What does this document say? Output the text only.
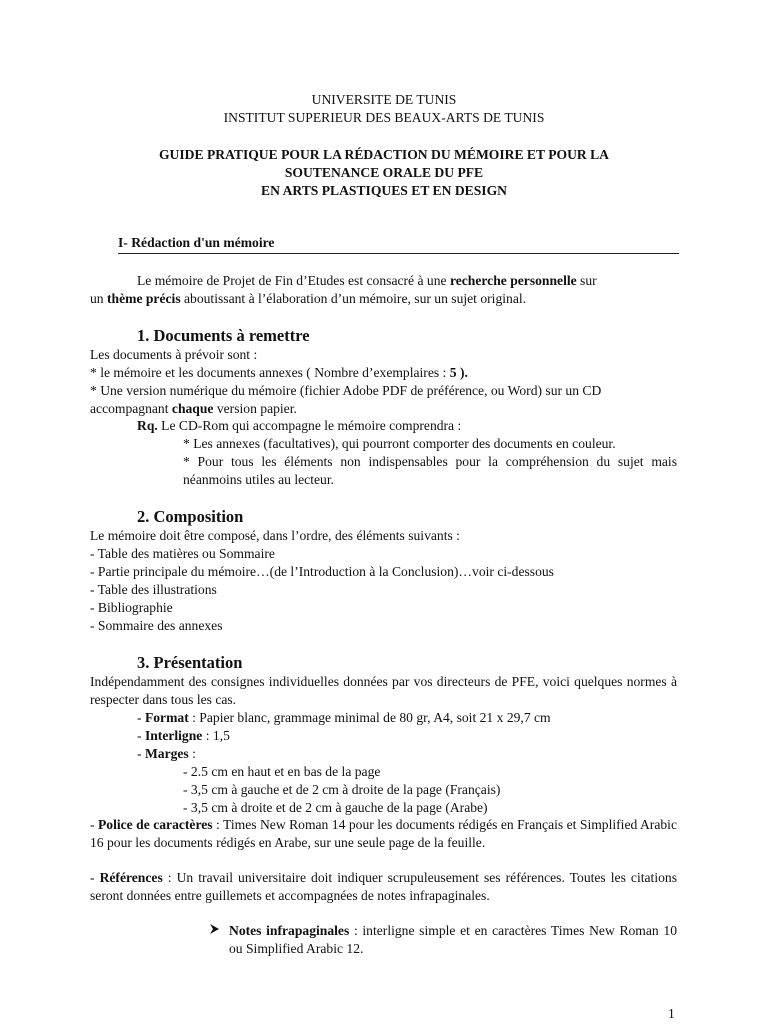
UNIVERSITE DE TUNIS
INSTITUT SUPERIEUR DES BEAUX-ARTS DE TUNIS
GUIDE PRATIQUE POUR LA RÉDACTION DU MÉMOIRE ET POUR LA
SOUTENANCE ORALE DU PFE
EN ARTS PLASTIQUES ET EN DESIGN
I- Rédaction d'un mémoire
Le mémoire de Projet de Fin d’Etudes est consacré à une recherche personnelle sur
un thème précis aboutissant à l’élaboration d’un mémoire, sur un sujet original.
1. Documents à remettre
Les documents à prévoir sont :
* le mémoire et les documents annexes ( Nombre d’exemplaires : 5 ).
* Une version numérique du mémoire (fichier Adobe PDF de préférence, ou Word) sur un CD
accompagnant chaque version papier.
Rq. Le CD-Rom qui accompagne le mémoire comprendra :
* Les annexes (facultatives), qui pourront comporter des documents en couleur.
* Pour tous les éléments non indispensables pour la compréhension du sujet mais néanmoins utiles au lecteur.
2. Composition
Le mémoire doit être composé, dans l’ordre, des éléments suivants :
- Table des matières ou Sommaire
- Partie principale du mémoire…(de l’Introduction à la Conclusion)…voir ci-dessous
- Table des illustrations
- Bibliographie
- Sommaire des annexes
3. Présentation
Indépendamment des consignes individuelles données par vos directeurs de PFE, voici quelques normes à respecter dans tous les cas.
- Format : Papier blanc, grammage minimal de 80 gr, A4, soit 21 x 29,7 cm
- Interligne : 1,5
- Marges :
- 2.5 cm en haut et en bas de la page
- 3,5 cm à gauche et de 2 cm à droite de la page (Français)
- 3,5 cm à droite et de 2 cm à gauche de la page (Arabe)
- Police de caractères : Times New Roman 14 pour les documents rédigés en Français et Simplified Arabic 16 pour les documents rédigés en Arabe, sur une seule page de la feuille.
- Références : Un travail universitaire doit indiquer scrupuleusement ses références. Toutes les citations seront données entre guillemets et accompagnées de notes infrapaginales.
Notes infrapaginales : interligne simple et en caractères Times New Roman 10 ou Simplified Arabic 12.
1
